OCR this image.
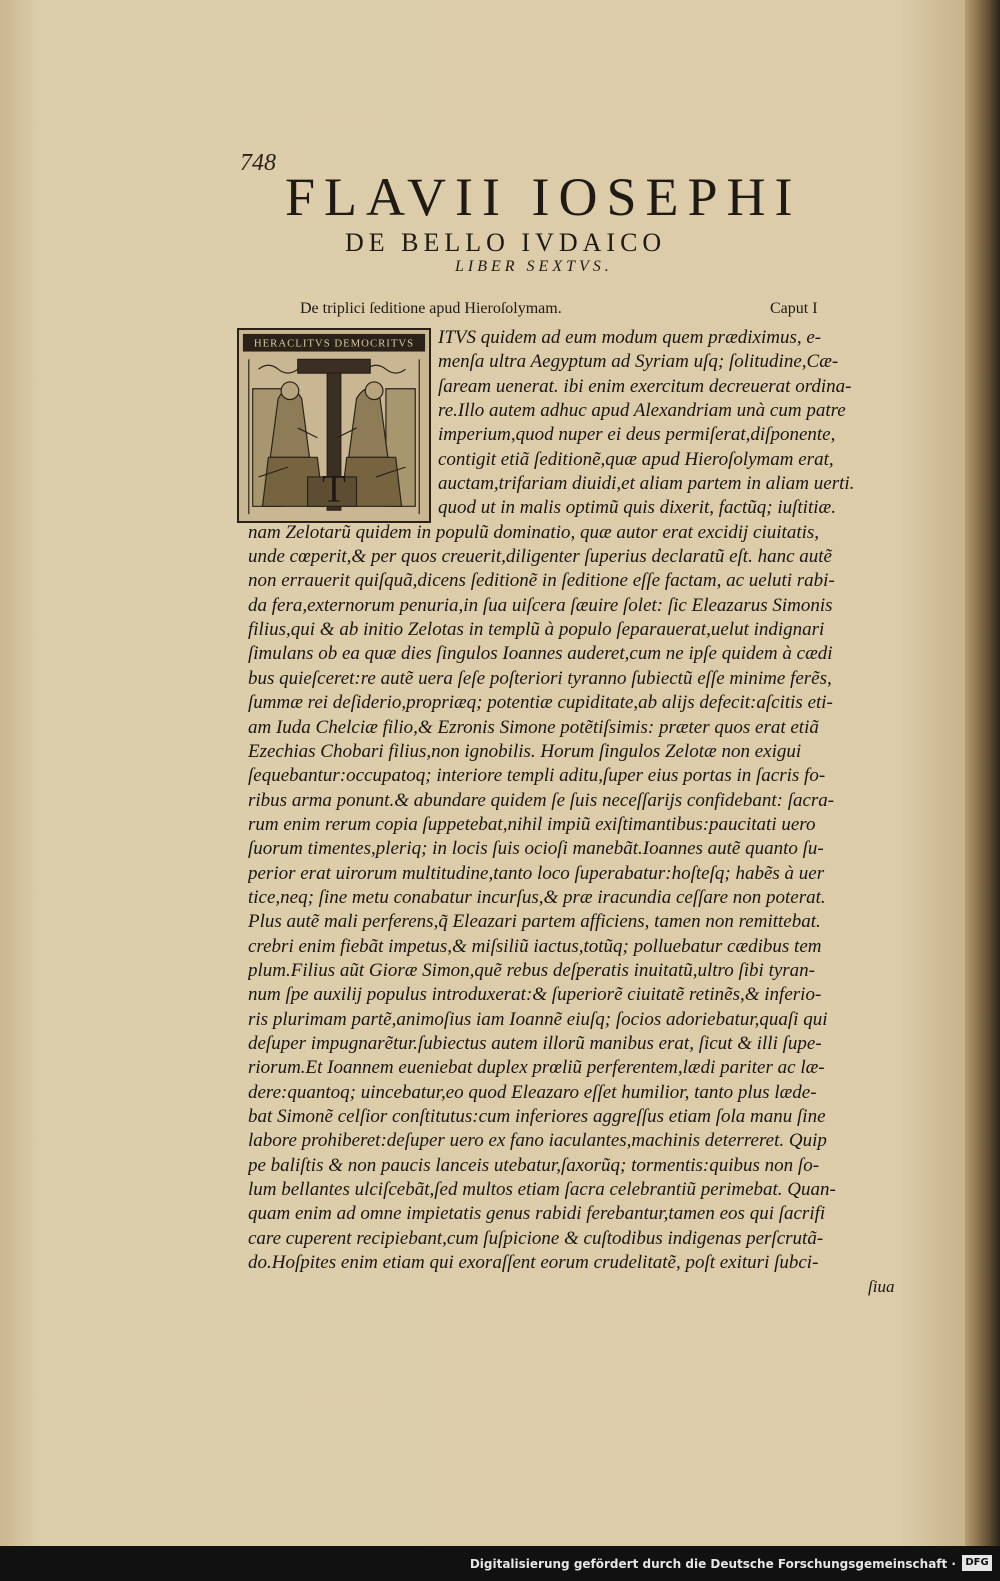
748
FLAVII IOSEPHI
DE BELLO IVDAICO
LIBER SEXTVS.
De triplici ſeditione apud Hieroſolymam.	Caput I
HERACLITVS DEMOCRITVS
T
ITVS quidem ad eum modum quem prædiximus, e-
menſa ultra Aegyptum ad Syriam uſq; ſolitudine,Cæ-
ſaream uenerat. ibi enim exercitum decreuerat ordina-
re.Illo autem adhuc apud Alexandriam unà cum patre
imperium,quod nuper ei deus permiſerat,diſponente,
contigit etiã ſeditionẽ,quæ apud Hieroſolymam erat,
auctam,trifariam diuidi,et aliam partem in aliam uerti.
quod ut in malis optimũ quis dixerit, factũq; iuſtitiæ.
nam Zelotarũ quidem in populũ dominatio, quæ autor erat excidij ciuitatis,
unde cœperit,& per quos creuerit,diligenter ſuperius declaratũ eſt. hanc autẽ
non errauerit quiſquã,dicens ſeditionẽ in ſeditione eſſe factam, ac ueluti rabi-
da fera,externorum penuria,in ſua uiſcera ſæuire ſolet: ſic Eleazarus Simonis
filius,qui & ab initio Zelotas in templũ à populo ſeparauerat,uelut indignari
ſimulans ob ea quæ dies ſingulos Ioannes auderet,cum ne ipſe quidem à cædi
bus quieſceret:re autẽ uera ſeſe poſteriori tyranno ſubiectũ eſſe minime ferẽs,
ſummæ rei deſiderio,propriæq; potentiæ cupiditate,ab alijs defecit:aſcitis eti-
am Iuda Chelciæ filio,& Ezronis Simone potẽtiſsimis: præter quos erat etiã
Ezechias Chobari filius,non ignobilis. Horum ſingulos Zelotæ non exigui
ſequebantur:occupatoq; interiore templi aditu,ſuper eius portas in ſacris fo-
ribus arma ponunt.& abundare quidem ſe ſuis neceſſarijs confidebant: ſacra-
rum enim rerum copia ſuppetebat,nihil impiũ exiſtimantibus:paucitati uero
ſuorum timentes,pleriq; in locis ſuis ocioſi manebãt.Ioannes autẽ quanto ſu-
perior erat uirorum multitudine,tanto loco ſuperabatur:hoſteſq; habẽs à uer
tice,neq; ſine metu conabatur incurſus,& præ iracundia ceſſare non poterat.
Plus autẽ mali perferens,q̃ Eleazari partem afficiens, tamen non remittebat.
crebri enim fiebãt impetus,& miſsiliũ iactus,totũq; polluebatur cædibus tem
plum.Filius aũt Gioræ Simon,quẽ rebus deſperatis inuitatũ,ultro ſibi tyran-
num ſpe auxilij populus introduxerat:& ſuperiorẽ ciuitatẽ retinẽs,& inferio-
ris plurimam partẽ,animoſius iam Ioannẽ eiuſq; ſocios adoriebatur,quaſi qui
deſuper impugnarẽtur.ſubiectus autem illorũ manibus erat, ſicut & illi ſupe-
riorum.Et Ioannem eueniebat duplex prœliũ perferentem,lædi pariter ac læ-
dere:quantoq; uincebatur,eo quod Eleazaro eſſet humilior, tanto plus læde-
bat Simonẽ celſior conſtitutus:cum inferiores aggreſſus etiam ſola manu ſine
labore prohiberet:deſuper uero ex fano iaculantes,machinis deterreret. Quip
pe baliſtis & non paucis lanceis utebatur,ſaxorũq; tormentis:quibus non ſo-
lum bellantes ulciſcebãt,ſed multos etiam ſacra celebrantiũ perimebat. Quan-
quam enim ad omne impietatis genus rabidi ferebantur,tamen eos qui ſacrifi
care cuperent recipiebant,cum ſuſpicione & cuſtodibus indigenas perſcrutã-
do.Hoſpites enim etiam qui exoraſſent eorum crudelitatẽ, poſt exituri ſubci-
ſiua
Digitalisierung gefördert durch die Deutsche Forschungsgemeinschaft · DFG
